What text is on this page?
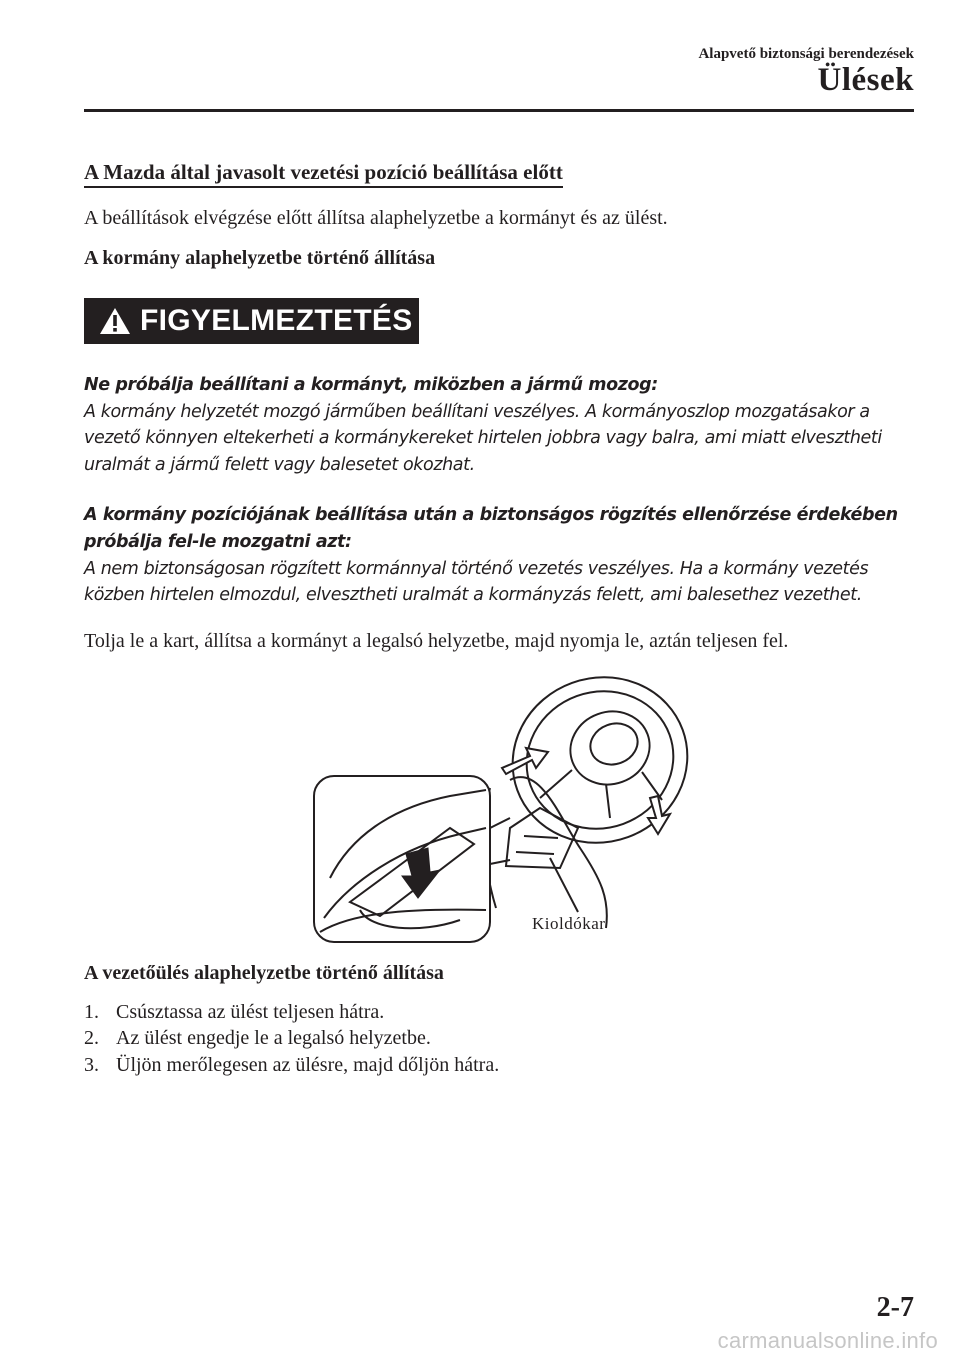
Alapvető biztonsági berendezések
Ülések
A Mazda által javasolt vezetési pozíció beállítása előtt

A beállítások elvégzése előtt állítsa alaphelyzetbe a kormányt és az ülést.

A kormány alaphelyzetbe történő állítása
FIGYELMEZTETÉS
Ne próbálja beállítani a kormányt, miközben a jármű mozog:
A kormány helyzetét mozgó járműben beállítani veszélyes. A kormányoszlop mozgatásakor a vezető könnyen eltekerheti a kormánykereket hirtelen jobbra vagy balra, ami miatt elvesztheti uralmát a jármű felett vagy balesetet okozhat.
A kormány pozíciójának beállítása után a biztonságos rögzítés ellenőrzése érdekében próbálja fel-le mozgatni azt:
A nem biztonságosan rögzített kormánnyal történő vezetés veszélyes. Ha a kormány vezetés közben hirtelen elmozdul, elvesztheti uralmát a kormányzás felett, ami balesethez vezethet.

Tolja le a kart, állítsa a kormányt a legalsó helyzetbe, majd nyomja le, aztán teljesen fel.

Kioldókar
A vezetőülés alaphelyzetbe történő állítása
1. Csúsztassa az ülést teljesen hátra.
2. Az ülést engedje le a legalsó helyzetbe.
3. Üljön merőlegesen az ülésre, majd dőljön hátra.
2-7
carmanualsonline.info
